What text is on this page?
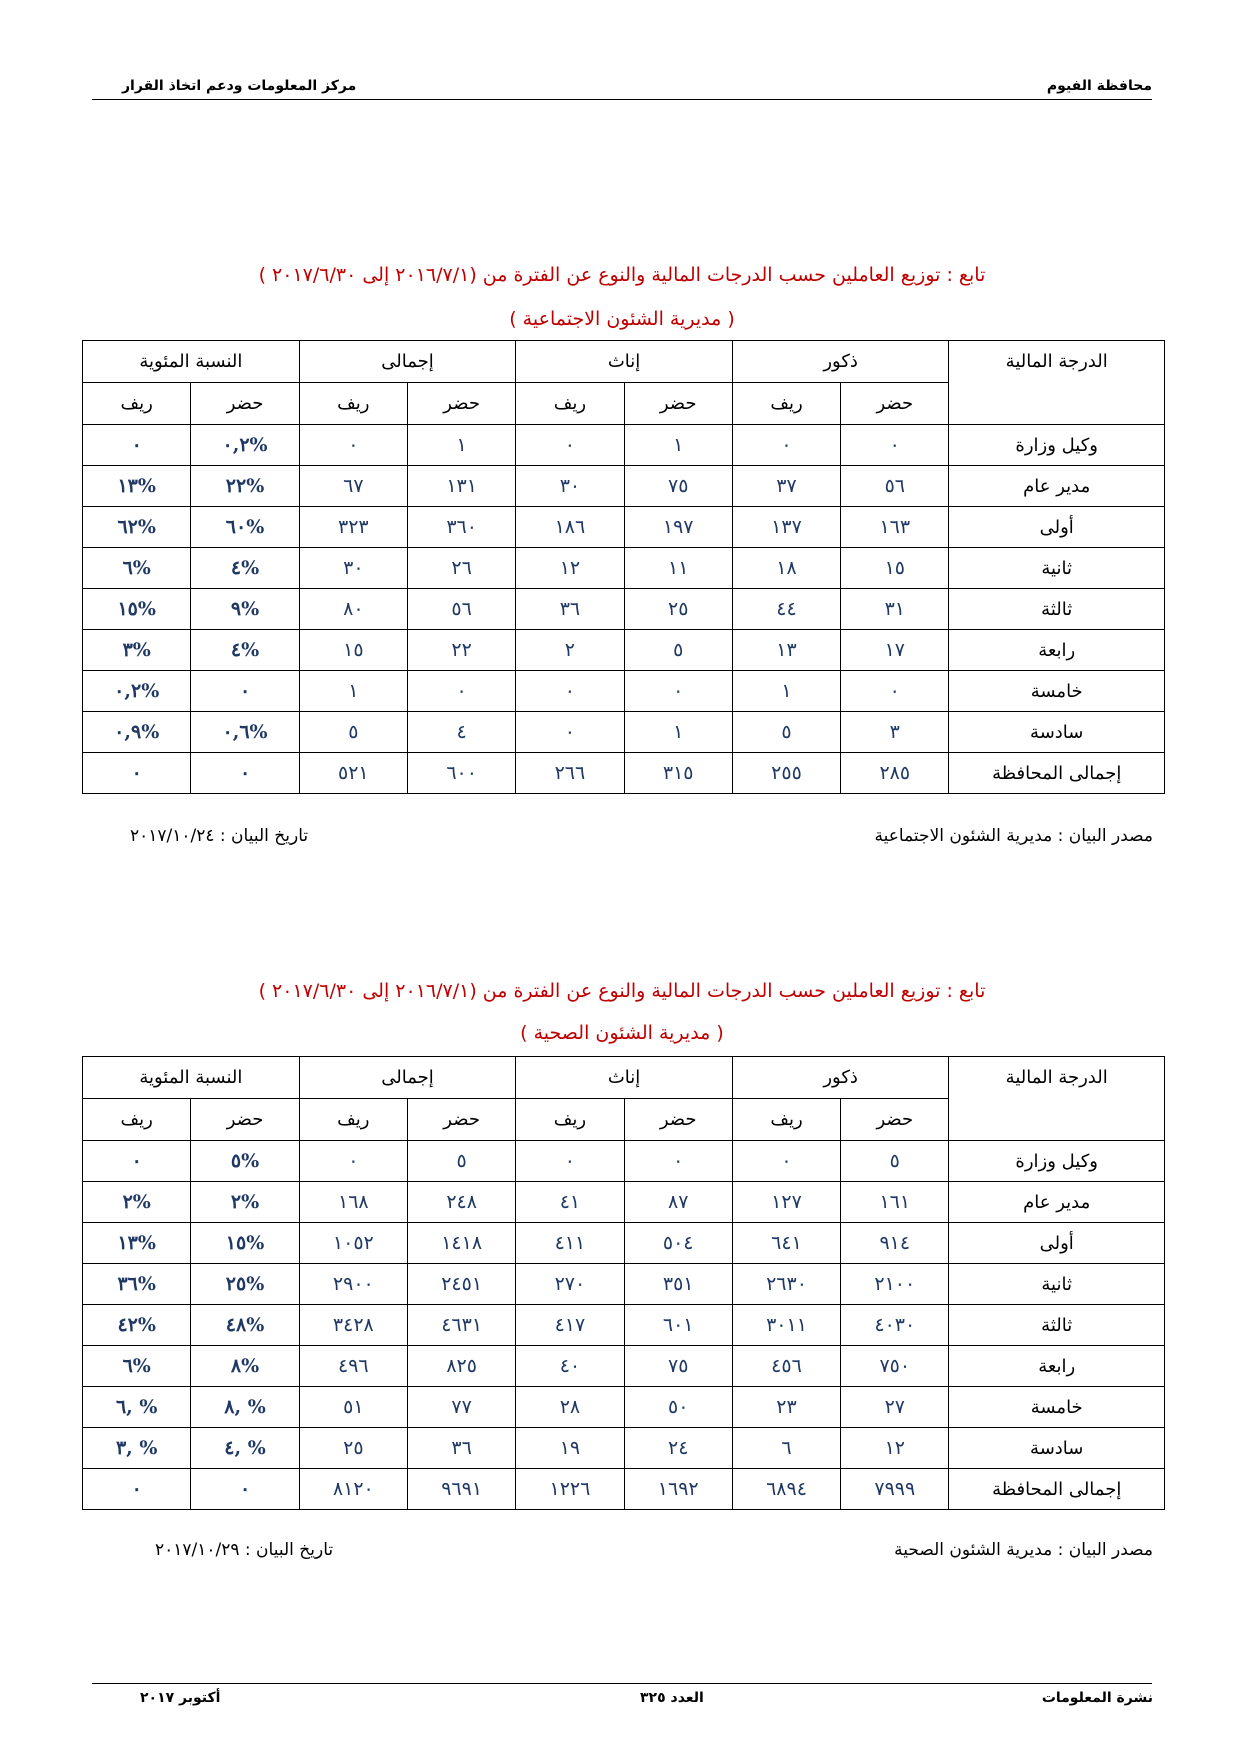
محافظة الفيوم
مركز المعلومات ودعم اتخاذ القرار
تابع : توزيع العاملين حسب الدرجات المالية والنوع عن الفترة من (٢٠١٦/٧/١ إلى ٢٠١٧/٦/٣٠ )
( مديرية الشئون الاجتماعية )
الدرجة المالية	ذكور		إناث		إجمالى		النسبة المئوية	
	حضر	ريف	حضر	ريف	حضر	ريف	حضر	ريف
وكيل وزارة	٠	٠	١	٠	١	٠	%٠,٢	٠
مدير عام	٥٦	٣٧	٧٥	٣٠	١٣١	٦٧	%٢٢	%١٣
أولى	١٦٣	١٣٧	١٩٧	١٨٦	٣٦٠	٣٢٣	%٦٠	%٦٢
ثانية	١٥	١٨	١١	١٢	٢٦	٣٠	%٤	%٦
ثالثة	٣١	٤٤	٢٥	٣٦	٥٦	٨٠	%٩	%١٥
رابعة	١٧	١٣	٥	٢	٢٢	١٥	%٤	%٣
خامسة	٠	١	٠	٠	٠	١	٠	%٠,٢
سادسة	٣	٥	١	٠	٤	٥	%٠,٦	%٠,٩
إجمالى المحافظة	٢٨٥	٢٥٥	٣١٥	٢٦٦	٦٠٠	٥٢١	٠	٠
مصدر البيان : مديرية الشئون الاجتماعية
تاريخ البيان : ٢٠١٧/١٠/٢٤
تابع : توزيع العاملين حسب الدرجات المالية والنوع عن الفترة من (٢٠١٦/٧/١ إلى ٢٠١٧/٦/٣٠ )
( مديرية الشئون الصحية )
الدرجة المالية	ذكور		إناث		إجمالى		النسبة المئوية	
	حضر	ريف	حضر	ريف	حضر	ريف	حضر	ريف
وكيل وزارة	٥	٠	٠	٠	٥	٠	%٥	٠
مدير عام	١٦١	١٢٧	٨٧	٤١	٢٤٨	١٦٨	%٢	%٢
أولى	٩١٤	٦٤١	٥٠٤	٤١١	١٤١٨	١٠٥٢	%١٥	%١٣
ثانية	٢١٠٠	٢٦٣٠	٣٥١	٢٧٠	٢٤٥١	٢٩٠٠	%٢٥	%٣٦
ثالثة	٤٠٣٠	٣٠١١	٦٠١	٤١٧	٤٦٣١	٣٤٢٨	%٤٨	%٤٢
رابعة	٧٥٠	٤٥٦	٧٥	٤٠	٨٢٥	٤٩٦	%٨	%٦
خامسة	٢٧	٢٣	٥٠	٢٨	٧٧	٥١	% ,٨	% ,٦
سادسة	١٢	٦	٢٤	١٩	٣٦	٢٥	% ,٤	% ,٣
إجمالى المحافظة	٧٩٩٩	٦٨٩٤	١٦٩٢	١٢٢٦	٩٦٩١	٨١٢٠	٠	٠
مصدر البيان : مديرية الشئون الصحية
تاريخ البيان : ٢٠١٧/١٠/٢٩
نشرة المعلومات
العدد ٣٢٥
أكتوبر ٢٠١٧
